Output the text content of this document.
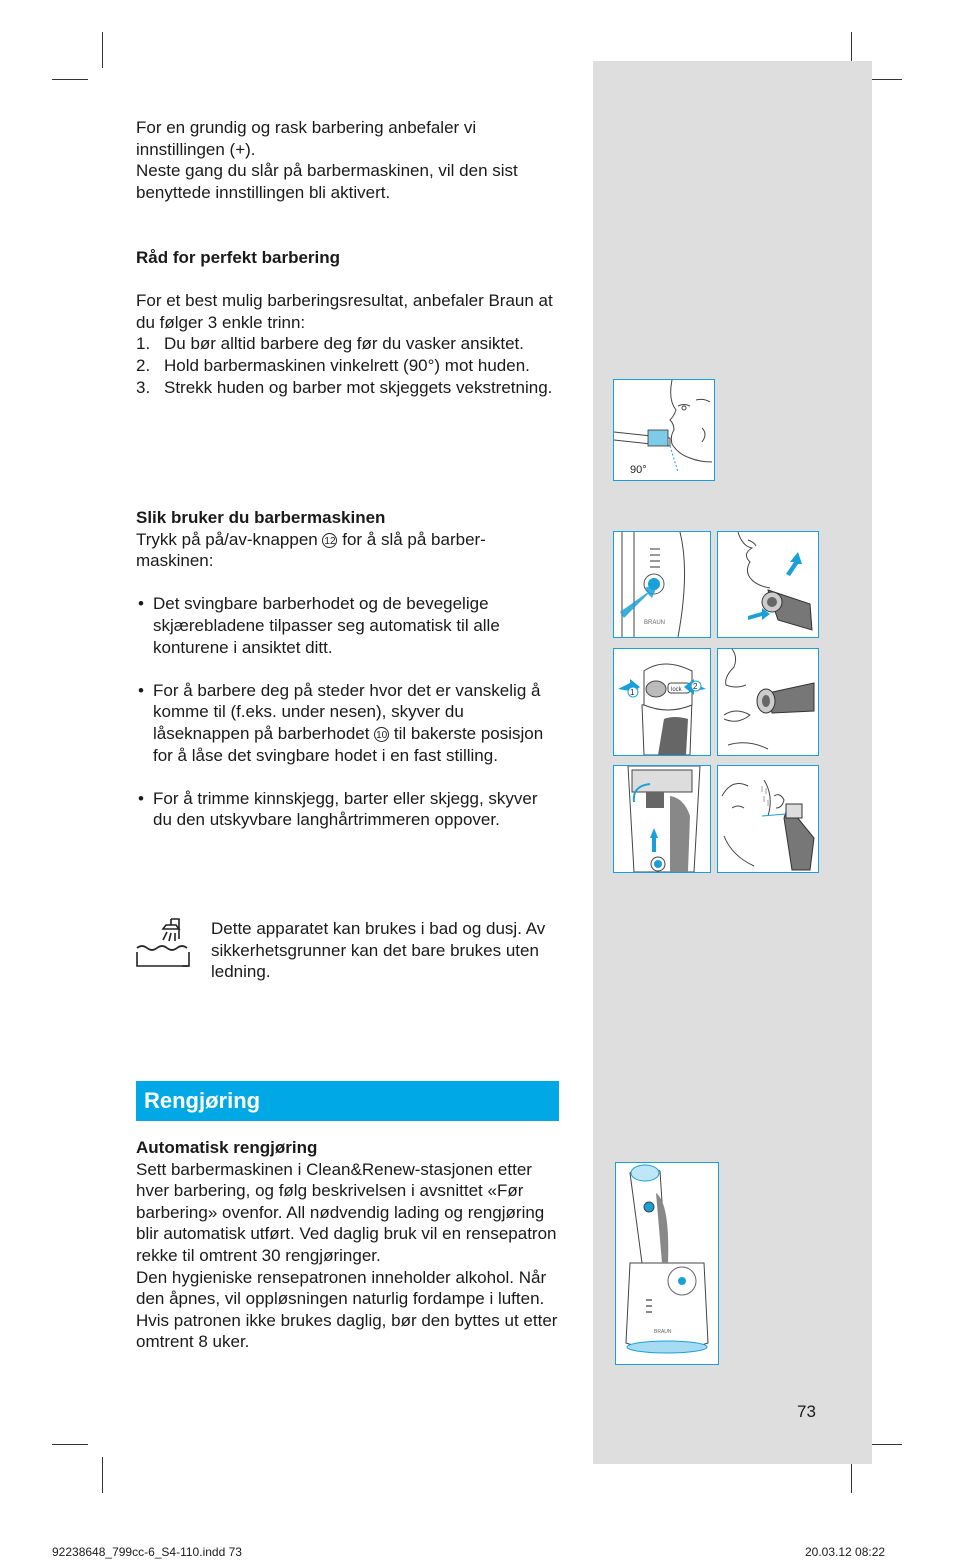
For en grundig og rask barbering anbefaler vi innstillingen (+).

Neste gang du slår på barbermaskinen, vil den sist benyttede innstillingen bli aktivert.

Råd for perfekt barbering

For et best mulig barberingsresultat, anbefaler Braun at du følger 3 enkle trinn:

1. Du bør alltid barbere deg før du vasker ansiktet.
2. Hold barbermaskinen vinkelrett (90°) mot huden.
3. Strekk huden og barber mot skjeggets vekstretning.

Slik bruker du barbermaskinen

Trykk på på/av-knappen 12 for å slå på barber-maskinen:

• Det svingbare barberhodet og de bevegelige skjærebladene tilpasser seg automatisk til alle konturene i ansiktet ditt.

• For å barbere deg på steder hvor det er vanskelig å komme til (f.eks. under nesen), skyver du låseknappen på barberhodet 10 til bakerste posisjon for å låse det svingbare hodet i en fast stilling.

• For å trimme kinnskjegg, barter eller skjegg, skyver du den utskyvbare langhårtrimmeren oppover.

Dette apparatet kan brukes i bad og dusj. Av sikkerhetsgrunner kan det bare brukes uten ledning.
Rengjøring

Automatisk rengjøring

Sett barbermaskinen i Clean&Renew-stasjonen etter hver barbering, og følg beskrivelsen i avsnittet «Før barbering» ovenfor. All nødvendig lading og rengjøring blir automatisk utført. Ved daglig bruk vil en rensepatron rekke til omtrent 30 rengjøringer.

Den hygieniske rensepatronen inneholder alkohol. Når den åpnes, vil oppløsningen naturlig fordampe i luften. Hvis patronen ikke brukes daglig, bør den byttes ut etter omtrent 8 uker.

90°
BRAUN
lock
1
2
BRAUN
73
92238648_799cc-6_S4-110.indd 73	20.03.12 08:22
